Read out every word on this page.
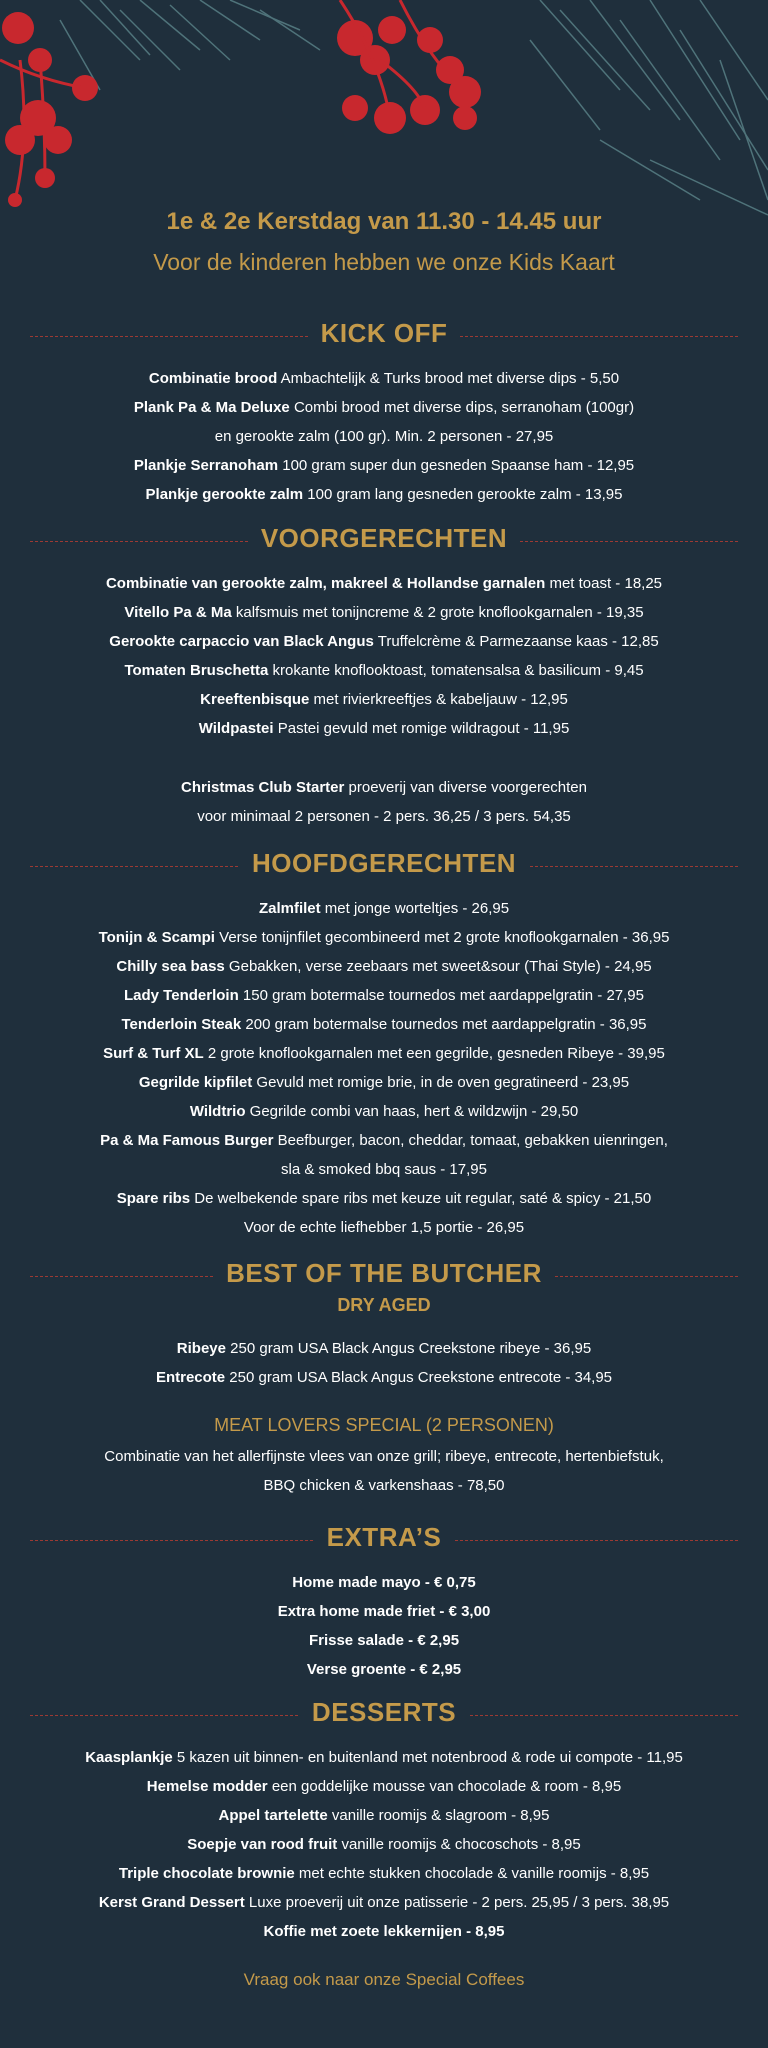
1e & 2e Kerstdag van 11.30 - 14.45 uur
Voor de kinderen hebben we onze Kids Kaart
KICK OFF
Combinatie brood Ambachtelijk & Turks brood met diverse dips - 5,50
Plank Pa & Ma Deluxe Combi brood met diverse dips, serranoham (100gr)
en gerookte zalm (100 gr). Min. 2 personen - 27,95
Plankje Serranoham 100 gram super dun gesneden Spaanse ham - 12,95
Plankje gerookte zalm 100 gram lang gesneden gerookte zalm - 13,95
VOORGERECHTEN
Combinatie van gerookte zalm, makreel & Hollandse garnalen met toast - 18,25
Vitello Pa & Ma kalfsmuis met tonijncreme & 2 grote knoflookgarnalen - 19,35
Gerookte carpaccio van Black Angus Truffelcrème & Parmezaanse kaas - 12,85
Tomaten Bruschetta krokante knoflooktoast, tomatensalsa & basilicum - 9,45
Kreeftenbisque met rivierkreeftjes & kabeljauw - 12,95
Wildpastei Pastei gevuld met romige wildragout - 11,95
Christmas Club Starter proeverij van diverse voorgerechten
voor minimaal 2 personen - 2 pers. 36,25 / 3 pers. 54,35
HOOFDGERECHTEN
Zalmfilet met jonge worteltjes - 26,95
Tonijn & Scampi Verse tonijnfilet gecombineerd met 2 grote knoflookgarnalen - 36,95
Chilly sea bass Gebakken, verse zeebaars met sweet&sour (Thai Style) - 24,95
Lady Tenderloin 150 gram botermalse tournedos met aardappelgratin - 27,95
Tenderloin Steak 200 gram botermalse tournedos met aardappelgratin - 36,95
Surf & Turf XL 2 grote knoflookgarnalen met een gegrilde, gesneden Ribeye - 39,95
Gegrilde kipfilet Gevuld met romige brie, in de oven gegratineerd - 23,95
Wildtrio Gegrilde combi van haas, hert & wildzwijn - 29,50
Pa & Ma Famous Burger Beefburger, bacon, cheddar, tomaat, gebakken uienringen,
sla & smoked bbq saus - 17,95
Spare ribs De welbekende spare ribs met keuze uit regular, saté & spicy - 21,50
Voor de echte liefhebber 1,5 portie - 26,95
BEST OF THE BUTCHER
DRY AGED
Ribeye 250 gram USA Black Angus Creekstone ribeye - 36,95
Entrecote 250 gram USA Black Angus Creekstone entrecote - 34,95
MEAT LOVERS SPECIAL (2 PERSONEN)
Combinatie van het allerfijnste vlees van onze grill; ribeye, entrecote, hertenbiefstuk,
BBQ chicken & varkenshaas - 78,50
EXTRA’S
Home made mayo - € 0,75
Extra home made friet - € 3,00
Frisse salade - € 2,95
Verse groente - € 2,95
DESSERTS
Kaasplankje 5 kazen uit binnen- en buitenland met notenbrood & rode ui compote - 11,95
Hemelse modder een goddelijke mousse van chocolade & room - 8,95
Appel tartelette vanille roomijs & slagroom - 8,95
Soepje van rood fruit vanille roomijs & chocoschots - 8,95
Triple chocolate brownie met echte stukken chocolade & vanille roomijs - 8,95
Kerst Grand Dessert Luxe proeverij uit onze patisserie - 2 pers. 25,95 / 3 pers. 38,95
Koffie met zoete lekkernijen - 8,95
Vraag ook naar onze Special Coffees
